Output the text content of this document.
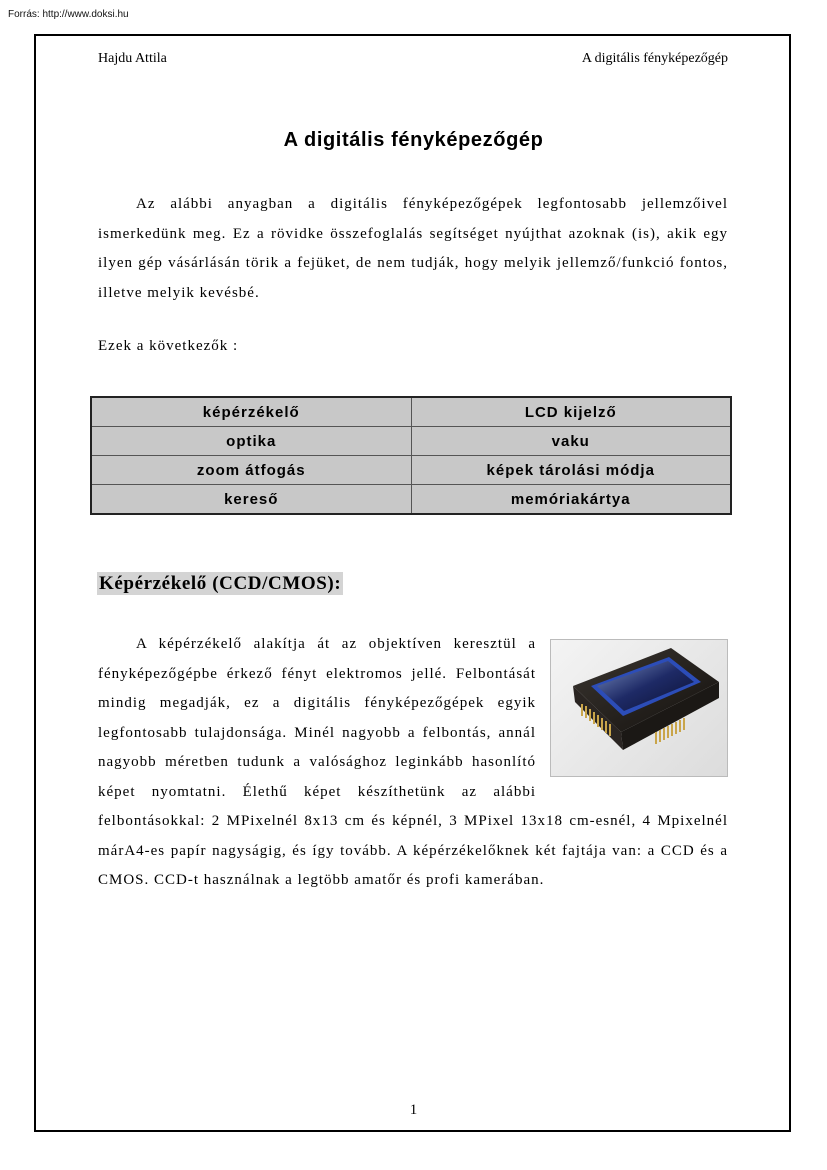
Forrás: http://www.doksi.hu
Hajdu Attila	A digitális fényképezőgép
A digitális fényképezőgép
Az alábbi anyagban a digitális fényképezőgépek legfontosabb jellemzőivel ismerkedünk meg. Ez a rövidke összefoglalás segítséget nyújthat azoknak (is), akik egy ilyen gép vásárlásán törik a fejüket, de nem tudják, hogy melyik jellemző/funkció fontos, illetve melyik kevésbé.
Ezek a következők :
képérzékelő	LCD kijelző
optika	vaku
zoom átfogás	képek tárolási módja
kereső	memóriakártya
Képérzékelő (CCD/CMOS):
A képérzékelő alakítja át az objektíven keresztül a fényképezőgépbe érkező fényt elektromos jellé. Felbontását mindig megadják, ez a digitális fényképezőgépek egyik legfontosabb tulajdonsága. Minél nagyobb a felbontás, annál nagyobb méretben tudunk a valósághoz leginkább hasonlító képet nyomtatni. Élethű képet készíthetünk az alábbi felbontásokkal: 2 MPixelnél 8x13 cm és képnél, 3 MPixel 13x18 cm-esnél, 4 Mpixelnél márA4-es papír nagyságig, és így tovább. A képérzékelőknek két fajtája van: a CCD és a CMOS. CCD-t használnak a legtöbb amatőr és profi kamerában.
1
